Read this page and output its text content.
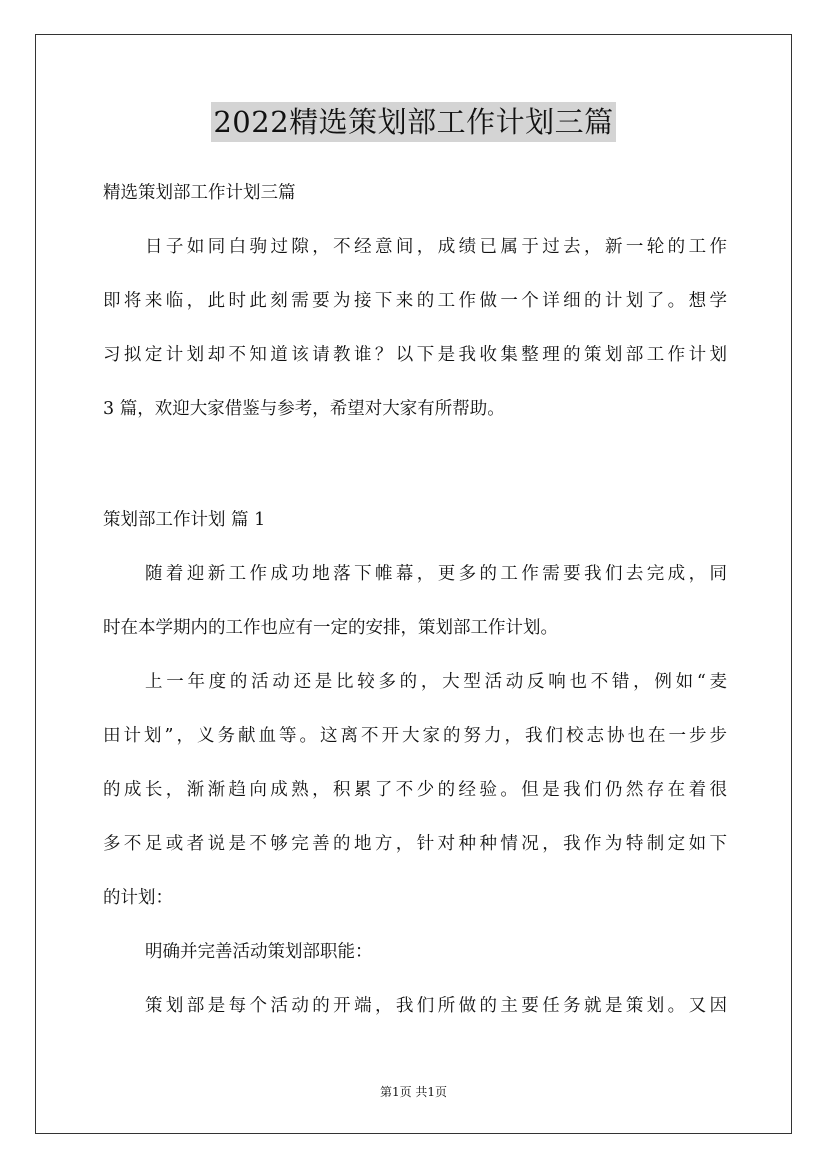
2022精选策划部工作计划三篇

精选策划部工作计划三篇

日子如同白驹过隙，不经意间，成绩已属于过去，新一轮的工作

即将来临，此时此刻需要为接下来的工作做一个详细的计划了。想学

习拟定计划却不知道该请教谁？以下是我收集整理的策划部工作计划

3 篇，欢迎大家借鉴与参考，希望对大家有所帮助。

策划部工作计划 篇 1

随着迎新工作成功地落下帷幕，更多的工作需要我们去完成，同

时在本学期内的工作也应有一定的安排，策划部工作计划。

上一年度的活动还是比较多的，大型活动反响也不错，例如“麦

田计划”，义务献血等。这离不开大家的努力，我们校志协也在一步步

的成长，渐渐趋向成熟，积累了不少的经验。但是我们仍然存在着很

多不足或者说是不够完善的地方，针对种种情况，我作为特制定如下

的计划：

明确并完善活动策划部职能：

策划部是每个活动的开端，我们所做的主要任务就是策划。又因

第1页 共1页
